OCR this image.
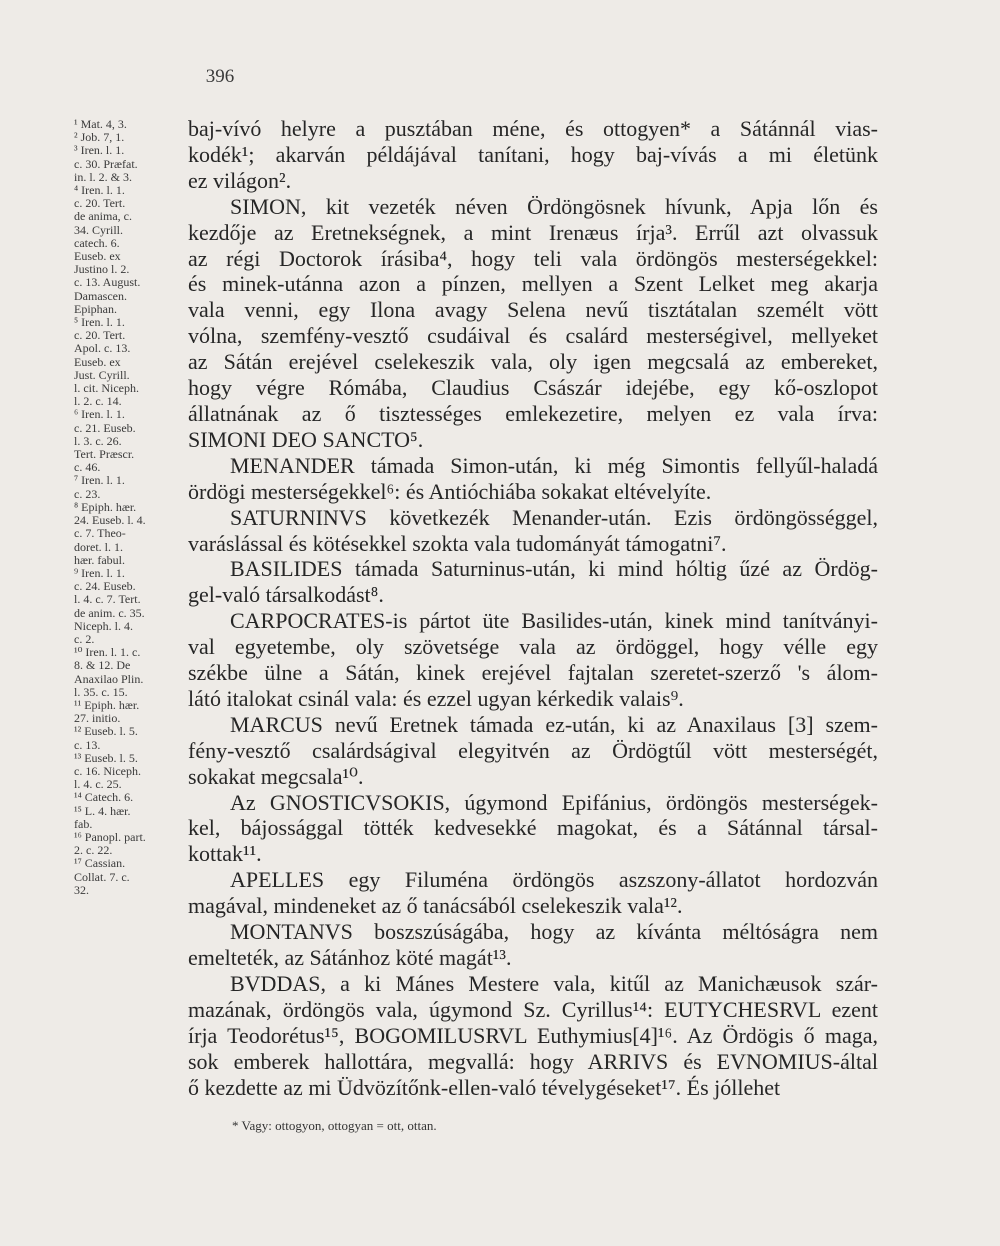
396
¹ Mat. 4, 3.
² Job. 7, 1.
³ Iren. l. 1.
c. 30. Præfat.
in. l. 2. & 3.
⁴ Iren. l. 1.
c. 20. Tert.
de anima, c.
34. Cyrill.
catech. 6.
Euseb. ex
Justino l. 2.
c. 13. August.
Damascen.
Epiphan.
⁵ Iren. l. 1.
c. 20. Tert.
Apol. c. 13.
Euseb. ex
Just. Cyrill.
l. cit. Niceph.
l. 2. c. 14.
⁶ Iren. l. 1.
c. 21. Euseb.
l. 3. c. 26.
Tert. Præscr.
c. 46.
⁷ Iren. l. 1.
c. 23.
⁸ Epiph. hær.
24. Euseb. l. 4.
c. 7. Theo-
doret. l. 1.
hær. fabul.
⁹ Iren. l. 1.
c. 24. Euseb.
l. 4. c. 7. Tert.
de anim. c. 35.
Niceph. l. 4.
c. 2.
¹⁰ Iren. l. 1. c.
8. & 12. De
Anaxilao Plin.
l. 35. c. 15.
¹¹ Epiph. hær.
27. initio.
¹² Euseb. l. 5.
c. 13.
¹³ Euseb. l. 5.
c. 16. Niceph.
l. 4. c. 25.
¹⁴ Catech. 6.
¹⁵ L. 4. hær.
fab.
¹⁶ Panopl. part.
2. c. 22.
¹⁷ Cassian.
Collat. 7. c.
32.
baj-vívó helyre a pusztában méne, és ottogyen* a Sátánnál vias-
kodék¹; akarván példájával tanítani, hogy baj-vívás a mi életünk
ez világon².
SIMON, kit vezeték néven Ördöngösnek hívunk, Apja lőn és
kezdője az Eretnekségnek, a mint Irenæus írja³. Errűl azt olvassuk
az régi Doctorok írásiba⁴, hogy teli vala ördöngös mesterségekkel:
és minek-utánna azon a pínzen, mellyen a Szent Lelket meg akarja
vala venni, egy Ilona avagy Selena nevű tisztátalan személt vött
vólna, szemfény-vesztő csudáival és csalárd mesterségivel, mellyeket
az Sátán erejével cselekeszik vala, oly igen megcsalá az embereket,
hogy végre Rómába, Claudius Császár idejébe, egy kő-oszlopot
állatnának az ő tisztességes emlekezetire, melyen ez vala írva:
SIMONI DEO SANCTO⁵.
MENANDER támada Simon-után, ki még Simontis fellyűl-haladá
ördögi mesterségekkel⁶: és Antióchiába sokakat eltévelyíte.
SATURNINVS következék Menander-után. Ezis ördöngösséggel,
varáslással és kötésekkel szokta vala tudományát támogatni⁷.
BASILIDES támada Saturninus-után, ki mind hóltig űzé az Ördög-
gel-való társalkodást⁸.
CARPOCRATES-is pártot üte Basilides-után, kinek mind tanítványi-
val egyetembe, oly szövetsége vala az ördöggel, hogy vélle egy
székbe ülne a Sátán, kinek erejével fajtalan szeretet-szerző 's álom-
látó italokat csinál vala: és ezzel ugyan kérkedik valais⁹.
MARCUS nevű Eretnek támada ez-után, ki az Anaxilaus [3] szem-
fény-vesztő csalárdságival elegyitvén az Ördögtűl vött mesterségét,
sokakat megcsala¹⁰.
Az GNOSTICVSOKIS, úgymond Epifánius, ördöngös mesterségek-
kel, bájossággal tötték kedvesekké magokat, és a Sátánnal társal-
kottak¹¹.
APELLES egy Filuména ördöngös aszszony-állatot hordozván
magával, mindeneket az ő tanácsából cselekeszik vala¹².
MONTANVS boszszúságába, hogy az kívánta méltóságra nem
emelteték, az Sátánhoz köté magát¹³.
BVDDAS, a ki Mánes Mestere vala, kitűl az Manichæusok szár-
mazának, ördöngös vala, úgymond Sz. Cyrillus¹⁴: EUTYCHESRVL ezent
írja Teodorétus¹⁵, BOGOMILUSRVL Euthymius[4]¹⁶. Az Ördögis ő maga,
sok emberek hallottára, megvallá: hogy ARRIVS és EVNOMIUS-által
ő kezdette az mi Üdvözítőnk-ellen-való tévelygéseket¹⁷. És jóllehet
* Vagy: ottogyon, ottogyan = ott, ottan.
